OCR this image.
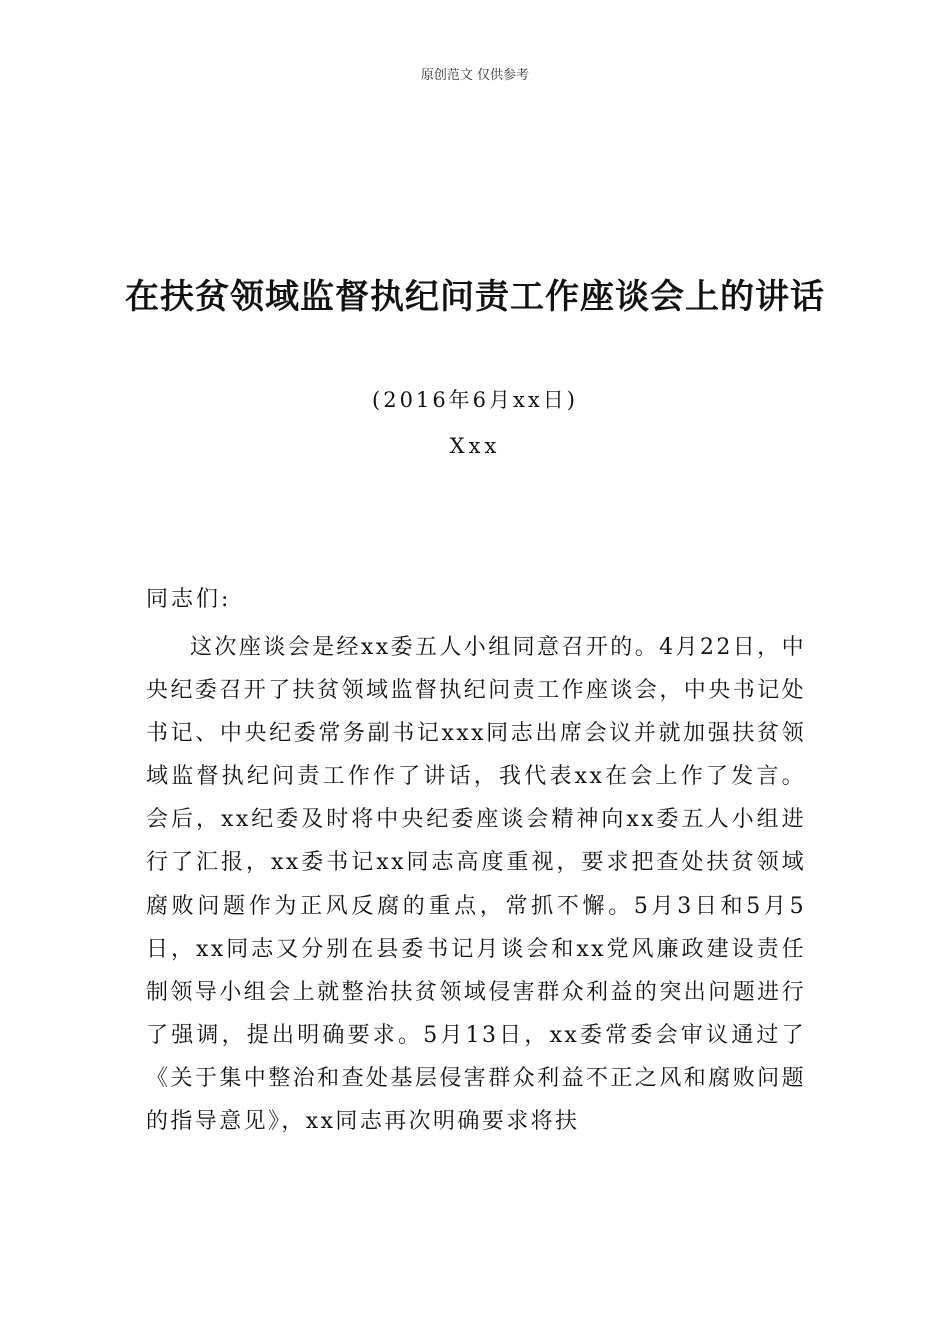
原创范文 仅供参考
在扶贫领域监督执纪问责工作座谈会上的讲话
(2016年6月xx日)
Xxx
同志们:

这次座谈会是经xx委五人小组同意召开的。4月22日，中央纪委召开了扶贫领域监督执纪问责工作座谈会，中央书记处书记、中央纪委常务副书记xxx同志出席会议并就加强扶贫领域监督执纪问责工作作了讲话，我代表xx在会上作了发言。会后，xx纪委及时将中央纪委座谈会精神向xx委五人小组进行了汇报，xx委书记xx同志高度重视，要求把查处扶贫领域腐败问题作为正风反腐的重点，常抓不懈。5月3日和5月5日，xx同志又分别在县委书记月谈会和xx党风廉政建设责任制领导小组会上就整治扶贫领域侵害群众利益的突出问题进行了强调，提出明确要求。5月13日，xx委常委会审议通过了《关于集中整治和查处基层侵害群众利益不正之风和腐败问题的指导意见》，xx同志再次明确要求将扶
